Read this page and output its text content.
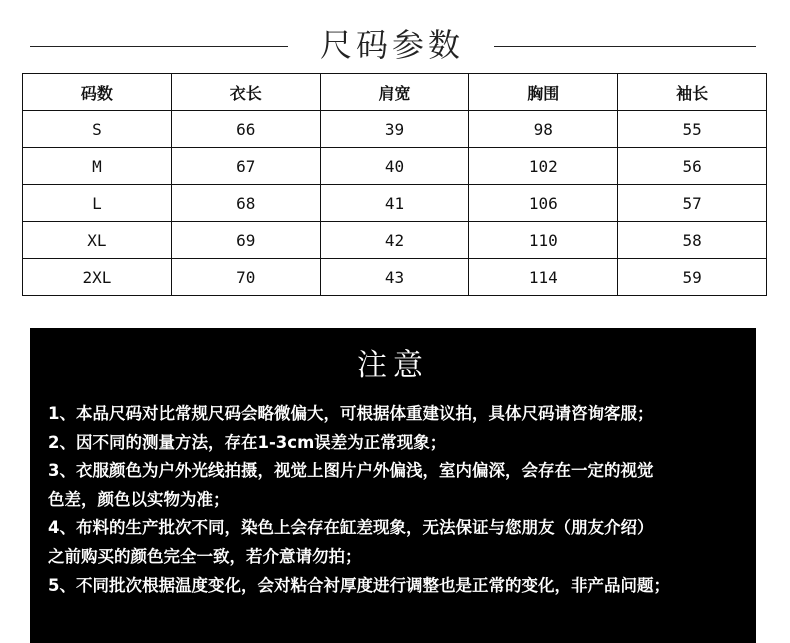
尺码参数
码数	衣长	肩宽	胸围	袖长
S	66	39	98	55
M	67	40	102	56
L	68	41	106	57
XL	69	42	110	58
2XL	70	43	114	59
注意
1、本品尺码对比常规尺码会略微偏大，可根据体重建议拍，具体尺码请咨询客服；
2、因不同的测量方法，存在1-3cm误差为正常现象；
3、衣服颜色为户外光线拍摄，视觉上图片户外偏浅，室内偏深，会存在一定的视觉
色差，颜色以实物为准；
4、布料的生产批次不同，染色上会存在缸差现象，无法保证与您朋友（朋友介绍）
之前购买的颜色完全一致，若介意请勿拍；
5、不同批次根据温度变化，会对粘合衬厚度进行调整也是正常的变化，非产品问题；
